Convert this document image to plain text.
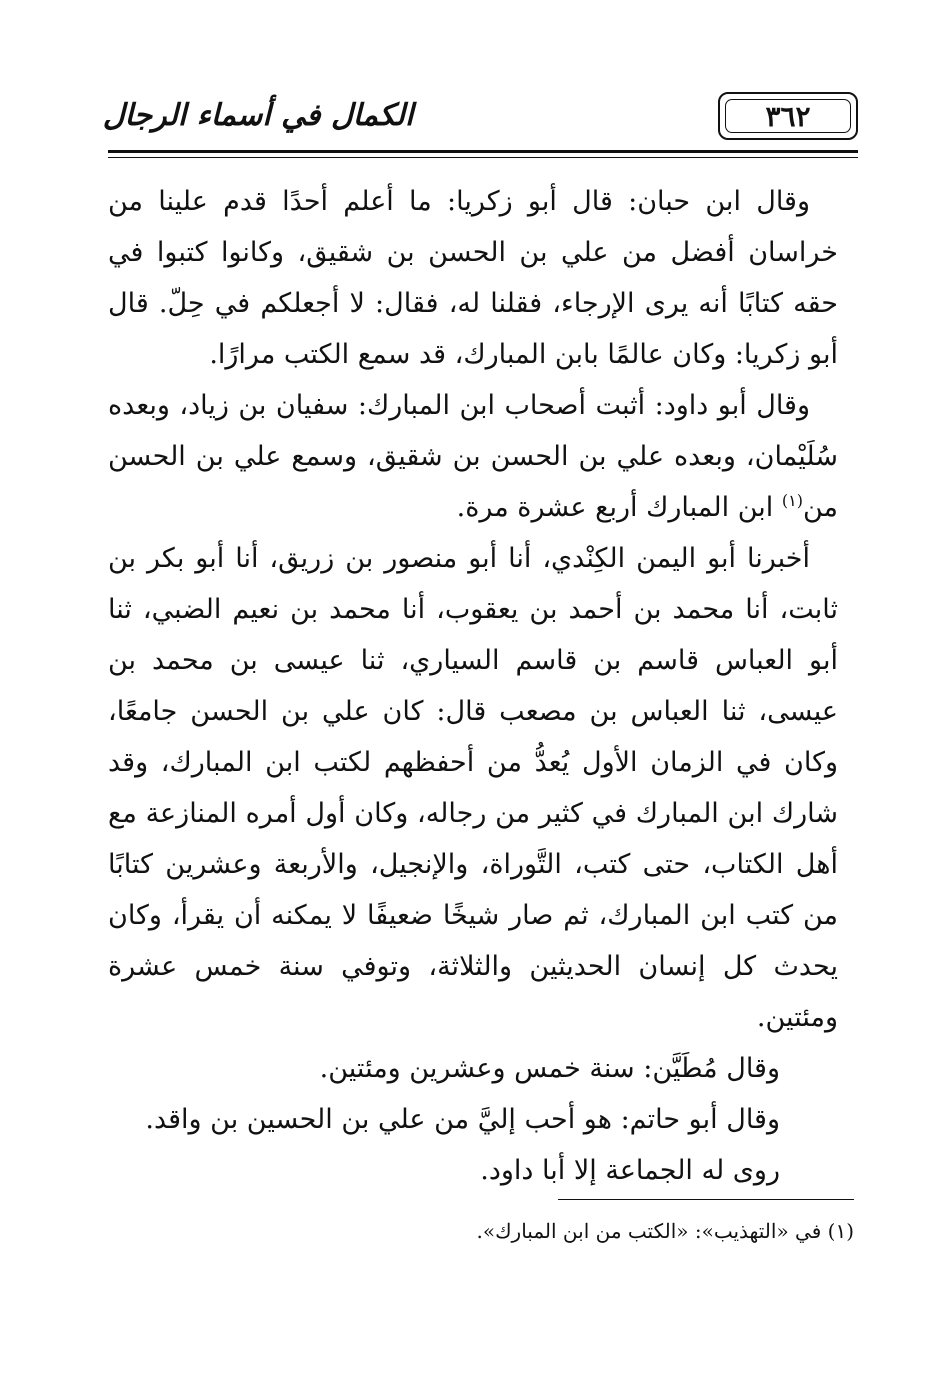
٣٦٢
الكمال في أسماء الرجال

وقال ابن حبان: قال أبو زكريا: ما أعلم أحدًا قدم علينا من خراسان أفضل من علي بن الحسن بن شقيق، وكانوا كتبوا في حقه كتابًا أنه يرى الإرجاء، فقلنا له، فقال: لا أجعلكم في حِلّ. قال أبو زكريا: وكان عالمًا بابن المبارك، قد سمع الكتب مرارًا.

وقال أبو داود: أثبت أصحاب ابن المبارك: سفيان بن زياد، وبعده سُلَيْمان، وبعده علي بن الحسن بن شقيق، وسمع علي بن الحسن من$^{(١)}$ ابن المبارك أربع عشرة مرة.

أخبرنا أبو اليمن الكِنْدي، أنا أبو منصور بن زريق، أنا أبو بكر بن ثابت، أنا محمد بن أحمد بن يعقوب، أنا محمد بن نعيم الضبي، ثنا أبو العباس قاسم بن قاسم السياري، ثنا عيسى بن محمد بن عيسى، ثنا العباس بن مصعب قال: كان علي بن الحسن جامعًا، وكان في الزمان الأول يُعدُّ من أحفظهم لكتب ابن المبارك، وقد شارك ابن المبارك في كثير من رجاله، وكان أول أمره المنازعة مع أهل الكتاب، حتى كتب، التَّوراة، والإنجيل، والأربعة وعشرين كتابًا من كتب ابن المبارك، ثم صار شيخًا ضعيفًا لا يمكنه أن يقرأ، وكان يحدث كل إنسان الحديثين والثلاثة، وتوفي سنة خمس عشرة ومئتين.

وقال مُطَيَّن: سنة خمس وعشرين ومئتين.

وقال أبو حاتم: هو أحب إليَّ من علي بن الحسين بن واقد.

روى له الجماعة إلا أبا داود.

(١) في «التهذيب»: «الكتب من ابن المبارك».
